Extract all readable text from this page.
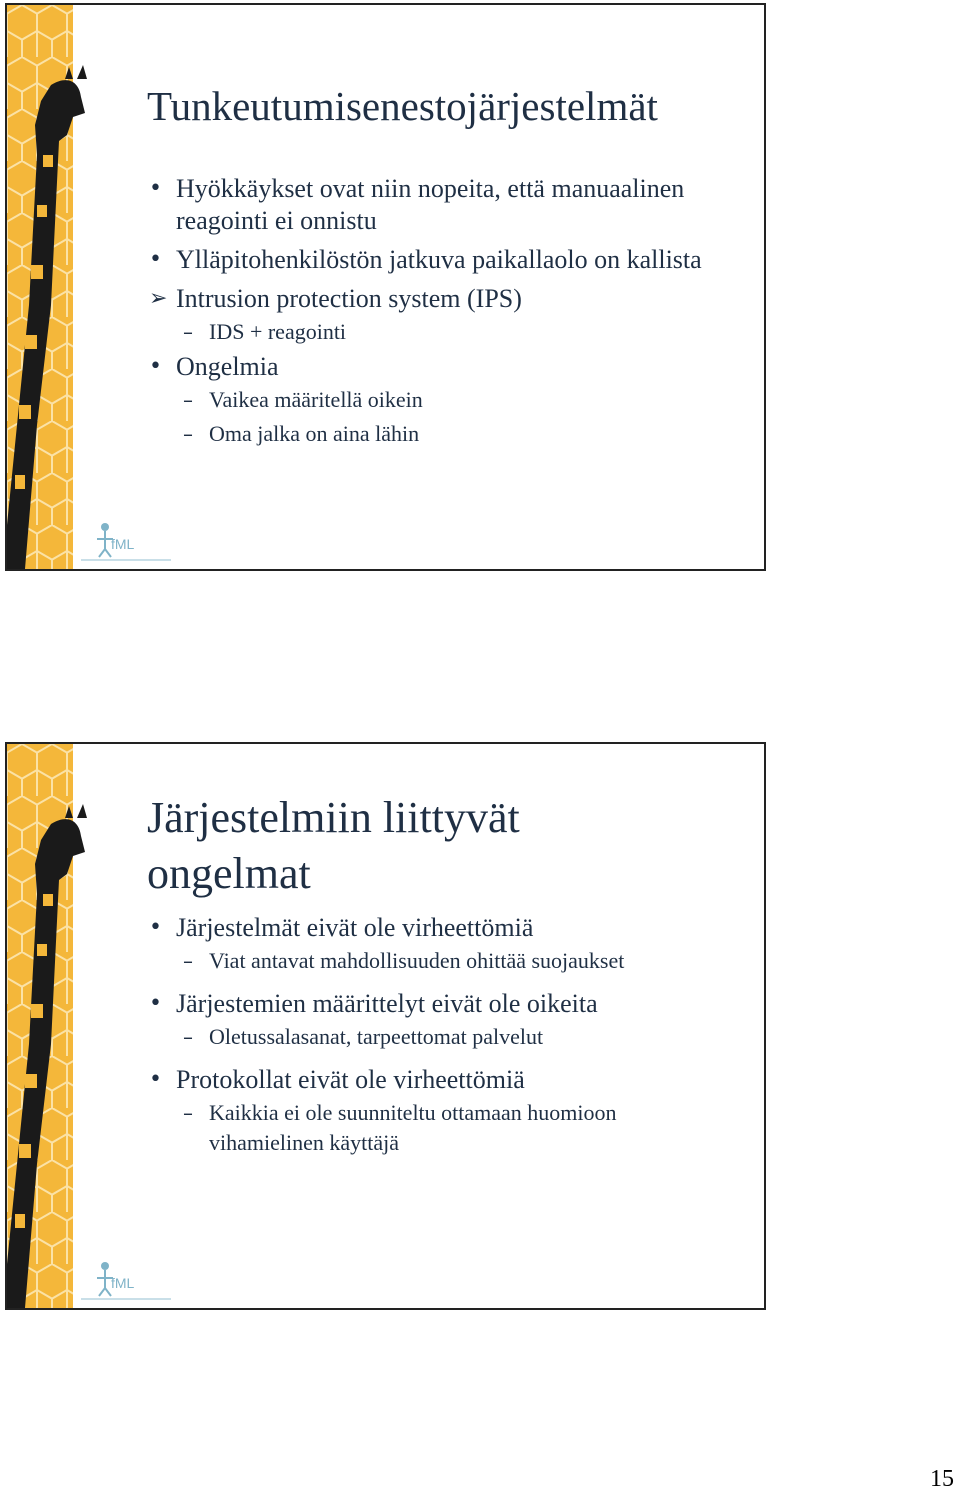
Tunkeutumisenestojärjestelmät
• Hyökkäykset ovat niin nopeita, että manuaalinen reagointi ei onnistu
• Ylläpitohenkilöstön jatkuva paikallaolo on kallista
➢ Intrusion protection system (IPS)
– IDS + reagointi
• Ongelmia
– Vaikea määritellä oikein
– Oma jalka on aina lähin
fML
Järjestelmiin liittyvät
ongelmat
• Järjestelmät eivät ole virheettömiä
– Viat antavat mahdollisuuden ohittää suojaukset
• Järjestemien määrittelyt eivät ole oikeita
– Oletussalasanat, tarpeettomat palvelut
• Protokollat eivät ole virheettömiä
– Kaikkia ei ole suunniteltu ottamaan huomioon vihamielinen käyttäjä
fML
15
